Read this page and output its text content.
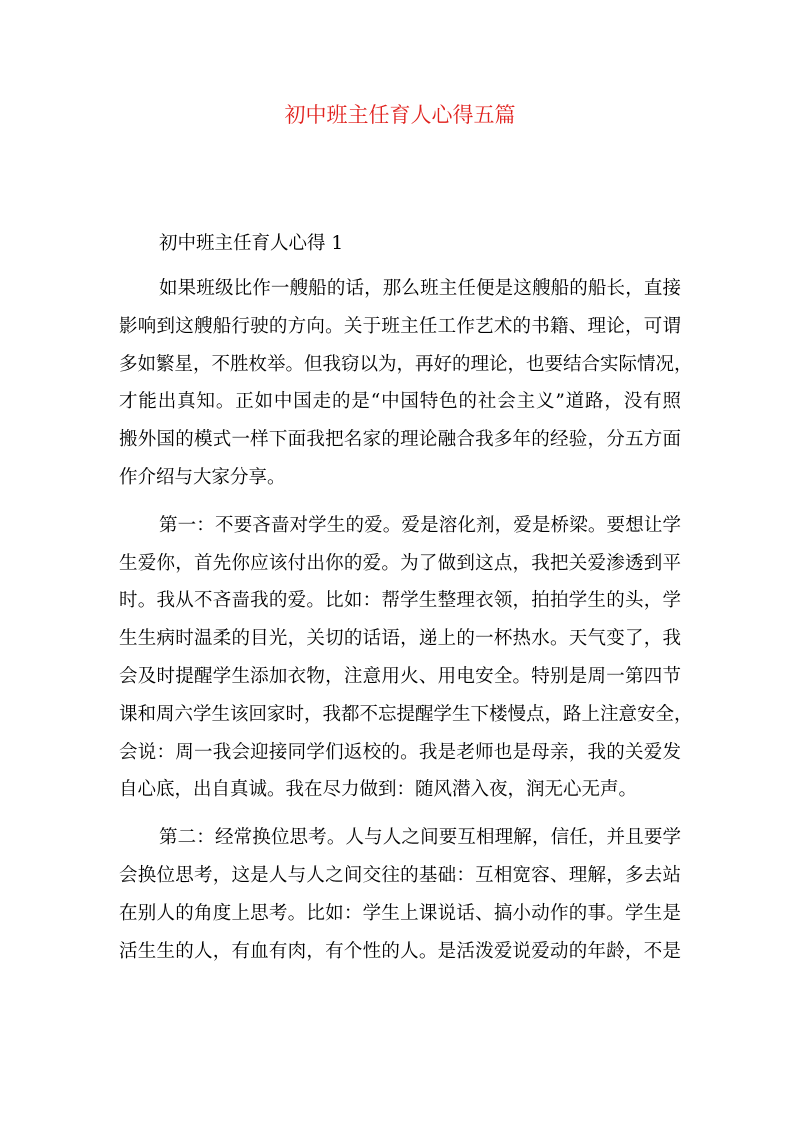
初中班主任育人心得五篇

初中班主任育人心得 1

如果班级比作一艘船的话，那么班主任便是这艘船的船长，直接
影响到这艘船行驶的方向。关于班主任工作艺术的书籍、理论，可谓
多如繁星，不胜枚举。但我窃以为，再好的理论，也要结合实际情况，
才能出真知。正如中国走的是“中国特色的社会主义”道路，没有照
搬外国的模式一样下面我把名家的理论融合我多年的经验，分五方面
作介绍与大家分享。
第一：不要吝啬对学生的爱。爱是溶化剂，爱是桥梁。要想让学
生爱你，首先你应该付出你的爱。为了做到这点，我把关爱渗透到平
时。我从不吝啬我的爱。比如：帮学生整理衣领，拍拍学生的头，学
生生病时温柔的目光，关切的话语，递上的一杯热水。天气变了，我
会及时提醒学生添加衣物，注意用火、用电安全。特别是周一第四节
课和周六学生该回家时，我都不忘提醒学生下楼慢点，路上注意安全，
会说：周一我会迎接同学们返校的。我是老师也是母亲，我的关爱发
自心底，出自真诚。我在尽力做到：随风潜入夜，润无心无声。
第二：经常换位思考。人与人之间要互相理解，信任，并且要学
会换位思考，这是人与人之间交往的基础：互相宽容、理解，多去站
在别人的角度上思考。比如：学生上课说话、搞小动作的事。学生是
活生生的人，有血有肉，有个性的人。是活泼爱说爱动的年龄，不是
